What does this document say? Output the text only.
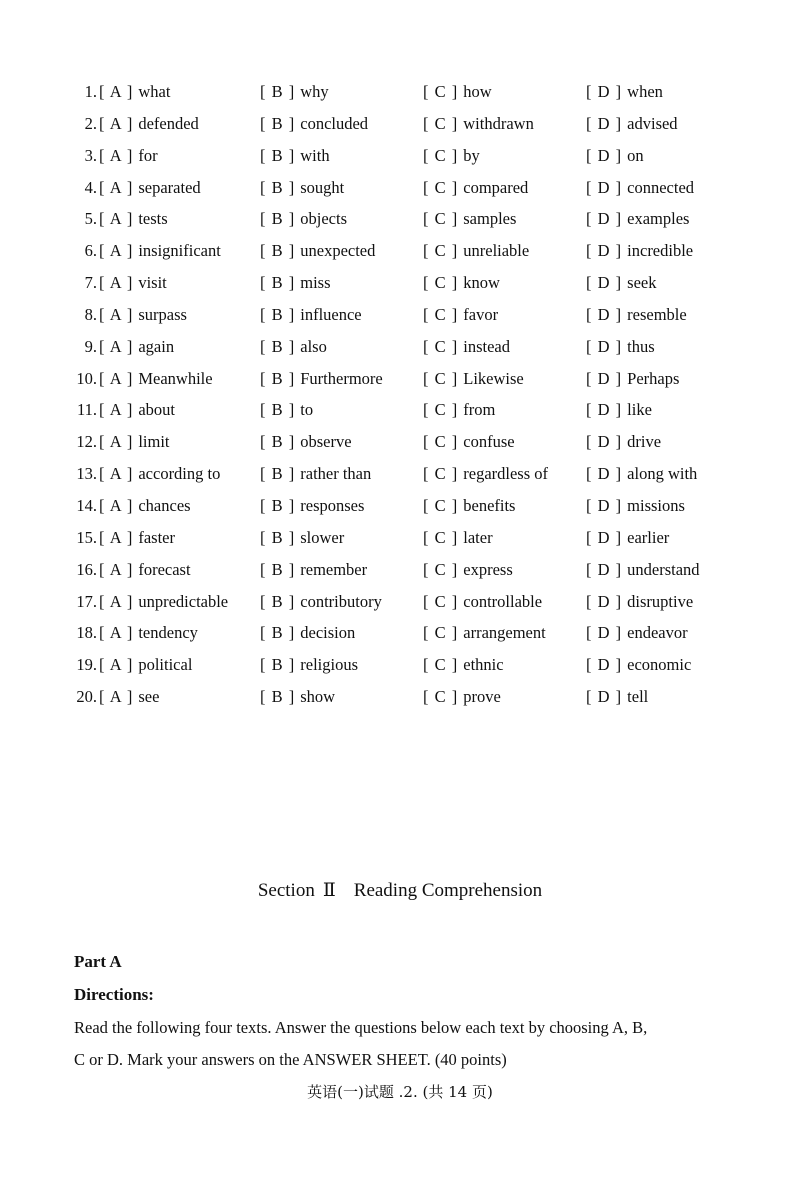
1. [ A ] what	[ B ] why	[ C ] how	[ D ] when
2. [ A ] defended	[ B ] concluded	[ C ] withdrawn	[ D ] advised
3. [ A ] for	[ B ] with	[ C ] by	[ D ] on
4. [ A ] separated	[ B ] sought	[ C ] compared	[ D ] connected
5. [ A ] tests	[ B ] objects	[ C ] samples	[ D ] examples
6. [ A ] insignificant [ B ] unexpected	[ C ] unreliable	[ D ] incredible
7. [ A ] visit	[ B ] miss	[ C ] know	[ D ] seek
8. [ A ] surpass	[ B ] influence	[ C ] favor	[ D ] resemble
9. [ A ] again	[ B ] also	[ C ] instead	[ D ] thus
10. [ A ] Meanwhile	[ B ] Furthermore [ C ] Likewise	[ D ] Perhaps
11. [ A ] about	[ B ] to	[ C ] from	[ D ] like
12. [ A ] limit	[ B ] observe	[ C ] confuse	[ D ] drive
13. [ A ] according to [ B ] rather than	[ C ] regardless of [ D ] along with
14. [ A ] chances	[ B ] responses	[ C ] benefits	[ D ] missions
15. [ A ] faster	[ B ] slower	[ C ] later	[ D ] earlier
16. [ A ] forecast	[ B ] remember	[ C ] express	[ D ] understand
17. [ A ] unpredictable [ B ] contributory [ C ] controllable	[ D ] disruptive
18. [ A ] tendency	[ B ] decision	[ C ] arrangement [ D ] endeavor
19. [ A ] political	[ B ] religious	[ C ] ethnic	[ D ] economic
20. [ A ] see	[ B ] show	[ C ] prove	[ D ] tell
Section Ⅱ Reading Comprehension
Part A
Directions:
Read the following four texts. Answer the questions below each text by choosing A, B,
C or D. Mark your answers on the ANSWER SHEET. (40 points)
英语(一)试题 .2. (共 14 页)
